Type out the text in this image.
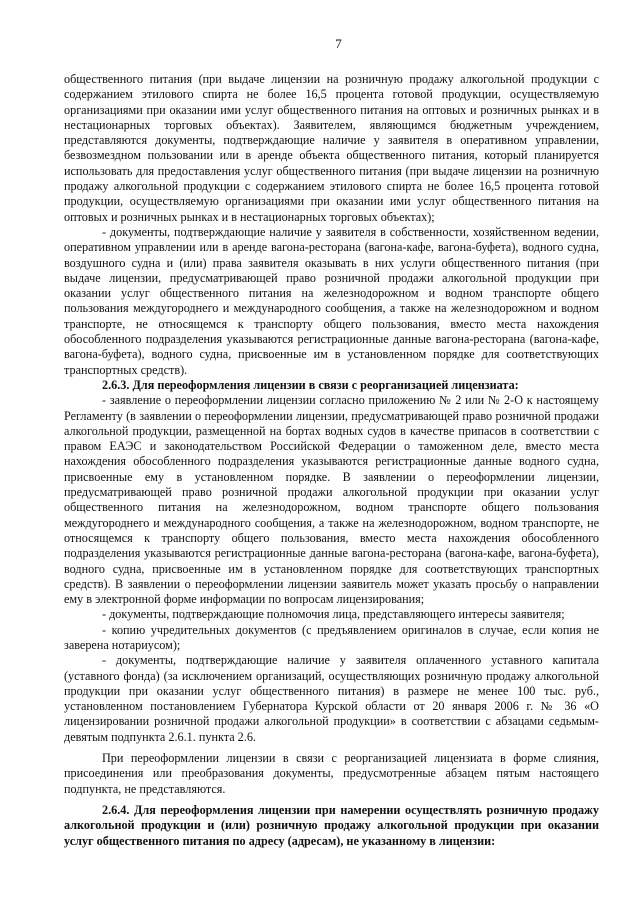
7

общественного питания (при выдаче лицензии на розничную продажу алкогольной продукции с содержанием этилового спирта не более 16,5 процента готовой продукции, осуществляемую организациями при оказании ими услуг общественного питания на оптовых и розничных рынках и в нестационарных торговых объектах). Заявителем, являющимся бюджетным учреждением, представляются документы, подтверждающие наличие у заявителя в оперативном управлении, безвозмездном пользовании или в аренде объекта общественного питания, который планируется использовать для предоставления услуг общественного питания (при выдаче лицензии на розничную продажу алкогольной продукции с содержанием этилового спирта не более 16,5 процента готовой продукции, осуществляемую организациями при оказании ими услуг общественного питания на оптовых и розничных рынках и в нестационарных торговых объектах);

- документы, подтверждающие наличие у заявителя в собственности, хозяйственном ведении, оперативном управлении или в аренде вагона-ресторана (вагона-кафе, вагона-буфета), водного судна, воздушного судна и (или) права заявителя оказывать в них услуги общественного питания (при выдаче лицензии, предусматривающей право розничной продажи алкогольной продукции при оказании услуг общественного питания на железнодорожном и водном транспорте общего пользования междугороднего и международного сообщения, а также на железнодорожном и водном транспорте, не относящемся к транспорту общего пользования, вместо места нахождения обособленного подразделения указываются регистрационные данные вагона-ресторана (вагона-кафе, вагона-буфета), водного судна, присвоенные им в установленном порядке для соответствующих транспортных средств).

2.6.3. Для переоформления лицензии в связи с реорганизацией лицензиата:

- заявление о переоформлении лицензии согласно приложению № 2 или № 2-О к настоящему Регламенту (в заявлении о переоформлении лицензии, предусматривающей право розничной продажи алкогольной продукции, размещенной на бортах водных судов в качестве припасов в соответствии с правом ЕАЭС и законодательством Российской Федерации о таможенном деле, вместо места нахождения обособленного подразделения указываются регистрационные данные водного судна, присвоенные ему в установленном порядке. В заявлении о переоформлении лицензии, предусматривающей право розничной продажи алкогольной продукции при оказании услуг общественного питания на железнодорожном, водном транспорте общего пользования междугороднего и международного сообщения, а также на железнодорожном, водном транспорте, не относящемся к транспорту общего пользования, вместо места нахождения обособленного подразделения указываются регистрационные данные вагона-ресторана (вагона-кафе, вагона-буфета), водного судна, присвоенные им в установленном порядке для соответствующих транспортных средств). В заявлении о переоформлении лицензии заявитель может указать просьбу о направлении ему в электронной форме информации по вопросам лицензирования;

- документы, подтверждающие полномочия лица, представляющего интересы заявителя;

- копию учредительных документов (с предъявлением оригиналов в случае, если копия не заверена нотариусом);

- документы, подтверждающие наличие у заявителя оплаченного уставного капитала (уставного фонда) (за исключением организаций, осуществляющих розничную продажу алкогольной продукции при оказании услуг общественного питания) в размере не менее 100 тыс. руб., установленном постановлением Губернатора Курской области от 20 января 2006 г. № 36 «О лицензировании розничной продажи алкогольной продукции» в соответствии с абзацами седьмым-девятым подпункта 2.6.1. пункта 2.6.

При переоформлении лицензии в связи с реорганизацией лицензиата в форме слияния, присоединения или преобразования документы, предусмотренные абзацем пятым настоящего подпункта, не представляются.

2.6.4. Для переоформления лицензии при намерении осуществлять розничную продажу алкогольной продукции и (или) розничную продажу алкогольной продукции при оказании услуг общественного питания по адресу (адресам), не указанному в лицензии:
